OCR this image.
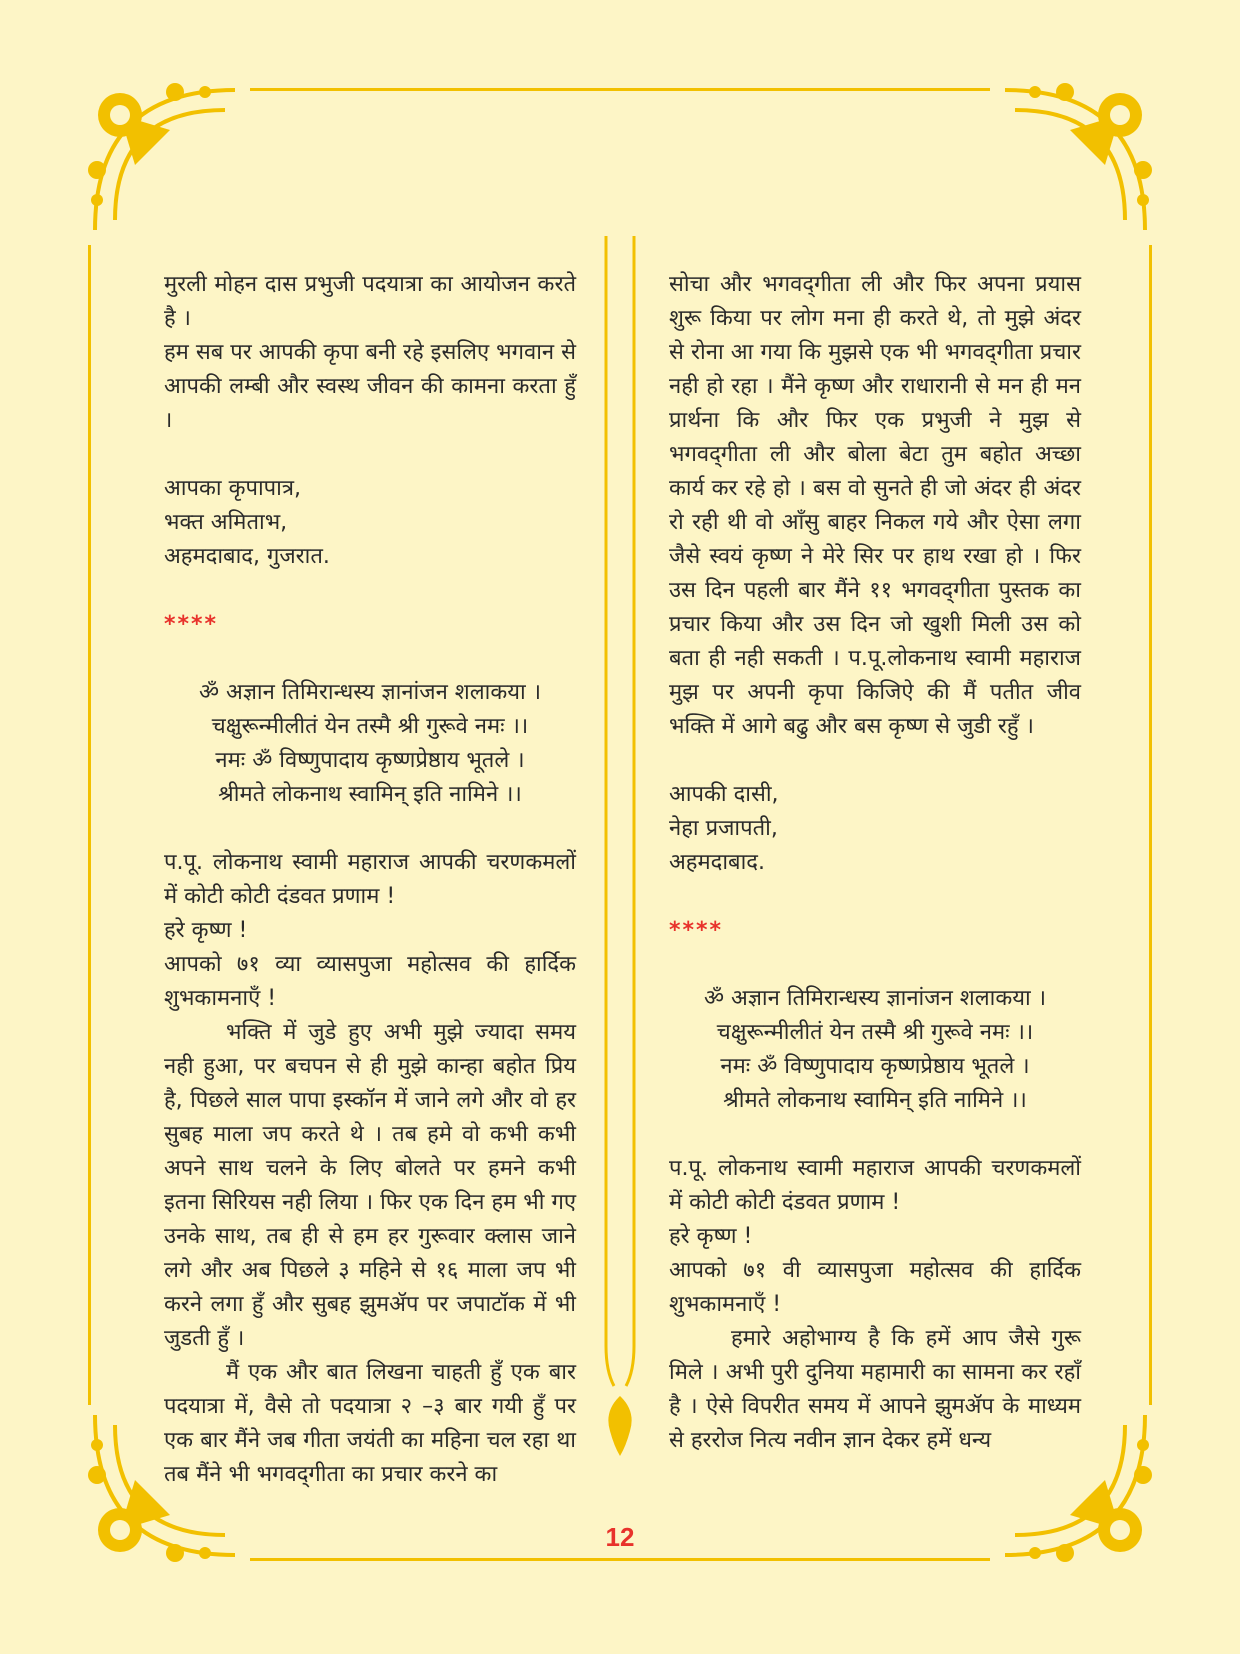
मुरली मोहन दास प्रभुजी पदयात्रा का आयोजन करते है ।

हम सब पर आपकी कृपा बनी रहे इसलिए भगवान से आपकी लम्बी और स्वस्थ जीवन की कामना करता हुँ ।

आपका कृपापात्र,

भक्त अमिताभ,

अहमदाबाद, गुजरात.

****

ॐ अज्ञान तिमिरान्धस्य ज्ञानांजन शलाकया ।

चक्षुरून्मीलीतं येन तस्मै श्री गुरूवे नमः ।।

नमः ॐ विष्णुपादाय कृष्णप्रेष्ठाय भूतले ।

श्रीमते लोकनाथ स्वामिन् इति नामिने ।।

प.पू. लोकनाथ स्वामी महाराज आपकी चरणकमलों में कोटी कोटी दंडवत प्रणाम !

हरे कृष्ण !

आपको ७१ व्या व्यासपुजा महोत्सव की हार्दिक शुभकामनाएँ !

भक्ति में जुडे हुए अभी मुझे ज्यादा समय नही हुआ, पर बचपन से ही मुझे कान्हा बहोत प्रिय है, पिछले साल पापा इस्कॉन में जाने लगे और वो हर सुबह माला जप करते थे । तब हमे वो कभी कभी अपने साथ चलने के लिए बोलते पर हमने कभी इतना सिरियस नही लिया । फिर एक दिन हम भी गए उनके साथ, तब ही से हम हर गुरूवार क्लास जाने लगे और अब पिछले ३ महिने से १६ माला जप भी करने लगा हुँ और सुबह झुमॲप पर जपाटॉक में भी जुडती हुँ ।

मैं एक और बात लिखना चाहती हुँ एक बार पदयात्रा में, वैसे तो पदयात्रा २ –३ बार गयी हुँ पर एक बार मैंने जब गीता जयंती का महिना चल रहा था तब मैंने भी भगवद्‌गीता का प्रचार करने का

सोचा और भगवद्‌गीता ली और फिर अपना प्रयास शुरू किया पर लोग मना ही करते थे, तो मुझे अंदर से रोना आ गया कि मुझसे एक भी भगवद्‌गीता प्रचार नही हो रहा । मैंने कृष्ण और राधारानी से मन ही मन प्रार्थना कि और फिर एक प्रभुजी ने मुझ से भगवद्‌गीता ली और बोला बेटा तुम बहोत अच्छा कार्य कर रहे हो । बस वो सुनते ही जो अंदर ही अंदर रो रही थी वो आँसु बाहर निकल गये और ऐसा लगा जैसे स्वयं कृष्ण ने मेरे सिर पर हाथ रखा हो । फिर उस दिन पहली बार मैंने ११ भगवद्‌गीता पुस्तक का प्रचार किया और उस दिन जो खुशी मिली उस को बता ही नही सकती । प.पू.लोकनाथ स्वामी महाराज मुझ पर अपनी कृपा किजिऐ की मैं पतीत जीव भक्ति में आगे बढु और बस कृष्ण से जुडी रहुँ ।

आपकी दासी,

नेहा प्रजापती,

अहमदाबाद.

****

ॐ अज्ञान तिमिरान्धस्य ज्ञानांजन शलाकया ।

चक्षुरून्मीलीतं येन तस्मै श्री गुरूवे नमः ।।

नमः ॐ विष्णुपादाय कृष्णप्रेष्ठाय भूतले ।

श्रीमते लोकनाथ स्वामिन् इति नामिने ।।

प.पू. लोकनाथ स्वामी महाराज आपकी चरणकमलों में कोटी कोटी दंडवत प्रणाम !

हरे कृष्ण !

आपको ७१ वी व्यासपुजा महोत्सव की हार्दिक शुभकामनाएँ !

हमारे अहोभाग्य है कि हमें आप जैसे गुरू मिले । अभी पुरी दुनिया महामारी का सामना कर रहाँ है । ऐसे विपरीत समय में आपने झुमॲप के माध्यम से हररोज नित्य नवीन ज्ञान देकर हमें धन्य

12
